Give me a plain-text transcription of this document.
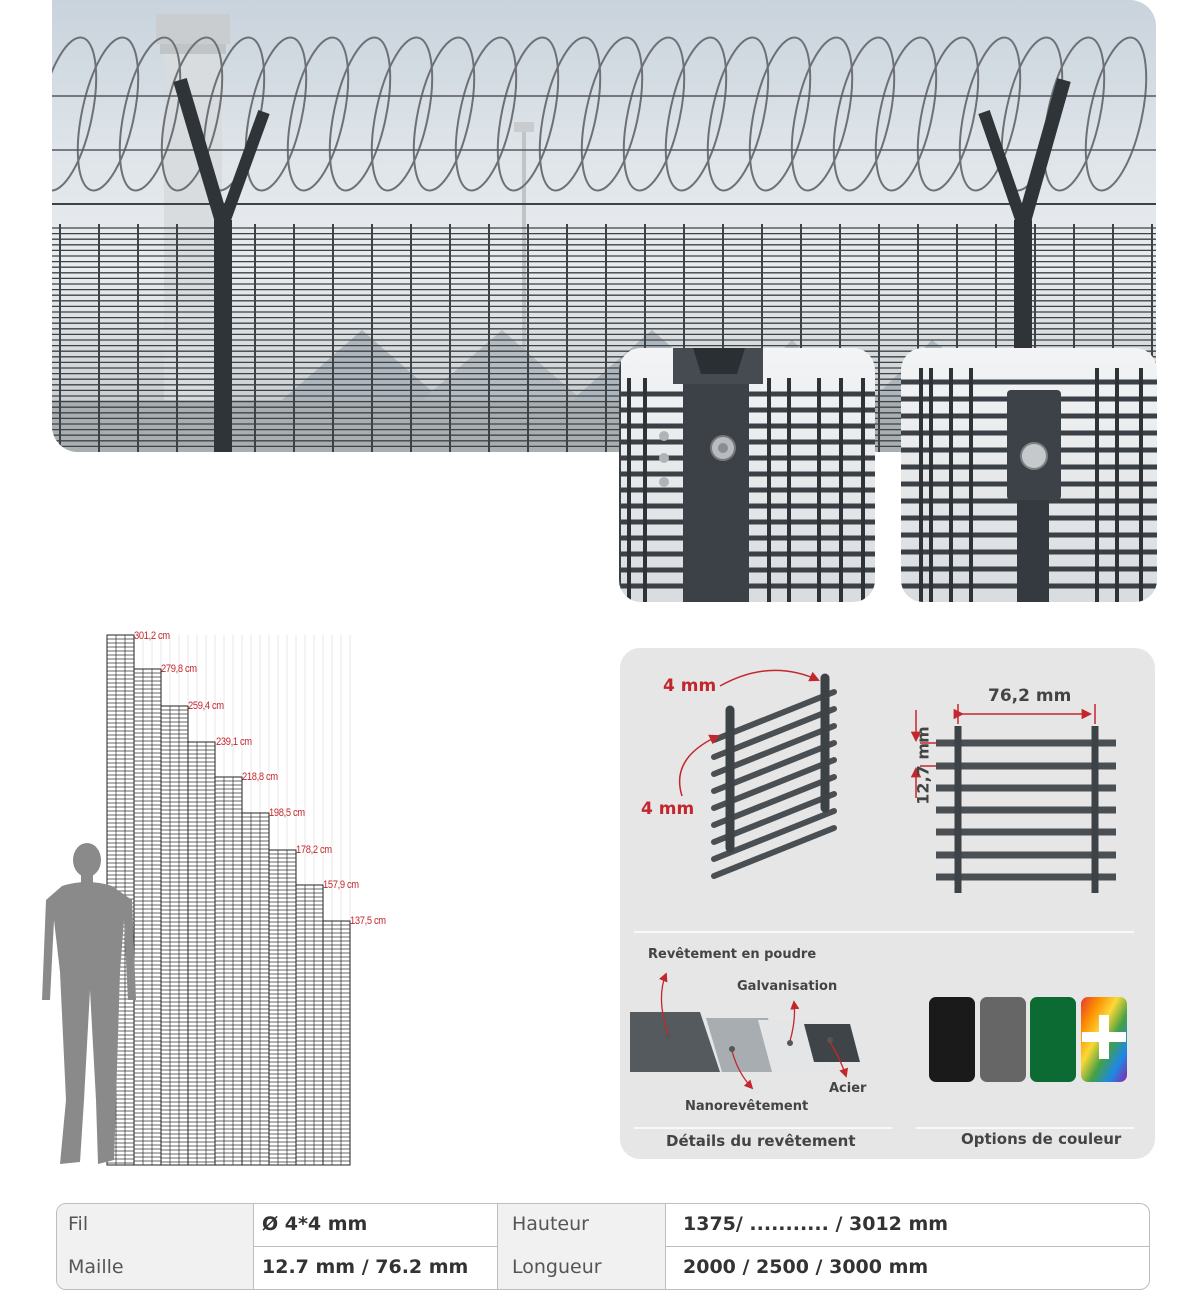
301,2 cm
279,8 cm
259,4 cm
239,1 cm
218,8 cm
198,5 cm
178,2 cm
157,9 cm
137,5 cm
4 mm
4 mm
76,2 mm
12,7 mm
Revêtement en poudre
Galvanisation
Acier
Nanorevêtement
Détails du revêtement	Options de couleur
Fil	Ø 4*4 mm	Hauteur	1375/ ........... / 3012 mm
Maille	12.7 mm / 76.2 mm	Longueur	2000 / 2500 / 3000 mm
